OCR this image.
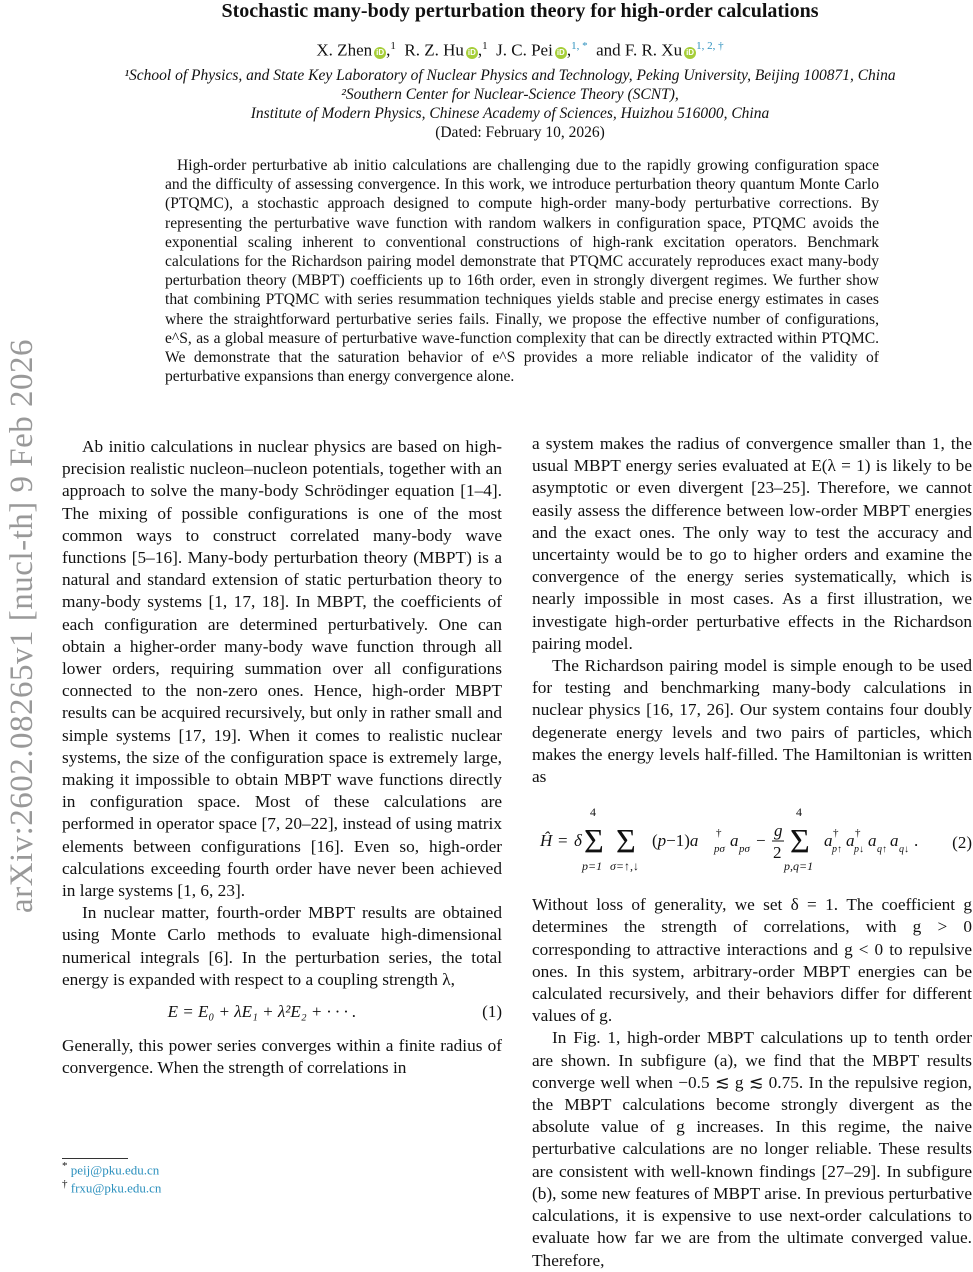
arXiv:2602.08265v1 [nucl-th] 9 Feb 2026
Stochastic many-body perturbation theory for high-order calculations
X. Zhen iD ,$^1$ R. Z. Hu iD ,$^1$ J. C. Pei iD ,$^{1, *}$ and F. R. Xu $iD^{1, 2, \dagger}$
¹School of Physics, and State Key Laboratory of Nuclear Physics and Technology, Peking University, Beijing 100871, China
²Southern Center for Nuclear-Science Theory (SCNT),
Institute of Modern Physics, Chinese Academy of Sciences, Huizhou 516000, China
(Dated: February 10, 2026)
High-order perturbative ab initio calculations are challenging due to the rapidly growing configuration space and the difficulty of assessing convergence. In this work, we introduce perturbation theory quantum Monte Carlo (PTQMC), a stochastic approach designed to compute high-order many-body perturbative corrections. By representing the perturbative wave function with random walkers in configuration space, PTQMC avoids the exponential scaling inherent to conventional constructions of high-rank excitation operators. Benchmark calculations for the Richardson pairing model demonstrate that PTQMC accurately reproduces exact many-body perturbation theory (MBPT) coefficients up to 16th order, even in strongly divergent regimes. We further show that combining PTQMC with series resummation techniques yields stable and precise energy estimates in cases where the straightforward perturbative series fails. Finally, we propose the effective number of configurations, e^S, as a global measure of perturbative wave-function complexity that can be directly extracted within PTQMC. We demonstrate that the saturation behavior of e^S provides a more reliable indicator of the validity of perturbative expansions than energy convergence alone.

Ab initio calculations in nuclear physics are based on high-precision realistic nucleon–nucleon potentials, together with an approach to solve the many-body Schrödinger equation [1–4]. The mixing of possible configurations is one of the most common ways to construct correlated many-body wave functions [5–16]. Many-body perturbation theory (MBPT) is a natural and standard extension of static perturbation theory to many-body systems [1, 17, 18]. In MBPT, the coefficients of each configuration are determined perturbatively. One can obtain a higher-order many-body wave function through all lower orders, requiring summation over all configurations connected to the non-zero ones. Hence, high-order MBPT results can be acquired recursively, but only in rather small and simple systems [17, 19]. When it comes to realistic nuclear systems, the size of the configuration space is extremely large, making it impossible to obtain MBPT wave functions directly in configuration space. Most of these calculations are performed in operator space [7, 20–22], instead of using matrix elements between configurations [16]. Even so, high-order calculations exceeding fourth order have never been achieved in large systems [1, 6, 23].

In nuclear matter, fourth-order MBPT results are obtained using Monte Carlo methods to evaluate high-dimensional numerical integrals [6]. In the perturbation series, the total energy is expanded with respect to a coupling strength λ,

E = E₀ + λE₁ + λ²E₂ + · · · .	(1)

Generally, this power series converges within a finite radius of convergence. When the strength of correlations in

a system makes the radius of convergence smaller than 1, the usual MBPT energy series evaluated at E(λ = 1) is likely to be asymptotic or even divergent [23–25]. Therefore, we cannot easily assess the difference between low-order MBPT energies and the exact ones. The only way to test the accuracy and uncertainty would be to go to higher orders and examine the convergence of the energy series systematically, which is nearly impossible in most cases. As a first illustration, we investigate high-order perturbative effects in the Richardson pairing model.

The Richardson pairing model is simple enough to be used for testing and benchmarking many-body calculations in nuclear physics [16, 17, 26]. Our system contains four doubly degenerate energy levels and two pairs of particles, which makes the energy levels half-filled. The Hamiltonian is written as

Ĥ = δ Σ
4
p=1
Σ
σ=↑,↓
(p−1)a †
pσ a pσ −
g
2 Σ
4
p,q=1
a †
p↑ a †
p↓ a q↑ a q↓ . (2)

Without loss of generality, we set δ = 1. The coefficient g determines the strength of correlations, with g > 0 corresponding to attractive interactions and g < 0 to repulsive ones. In this system, arbitrary-order MBPT energies can be calculated recursively, and their behaviors differ for different values of g.

In Fig. 1, high-order MBPT calculations up to tenth order are shown. In subfigure (a), we find that the MBPT results converge well when −0.5 ≲ g ≲ 0.75. In the repulsive region, the MBPT calculations become strongly divergent as the absolute value of g increases. In this regime, the naive perturbative calculations are no longer reliable. These results are consistent with well-known findings [27–29]. In subfigure (b), some new features of MBPT arise. In previous perturbative calculations, it is expensive to use next-order calculations to evaluate how far we are from the ultimate converged value. Therefore,

* peij@pku.edu.cn
† frxu@pku.edu.cn
